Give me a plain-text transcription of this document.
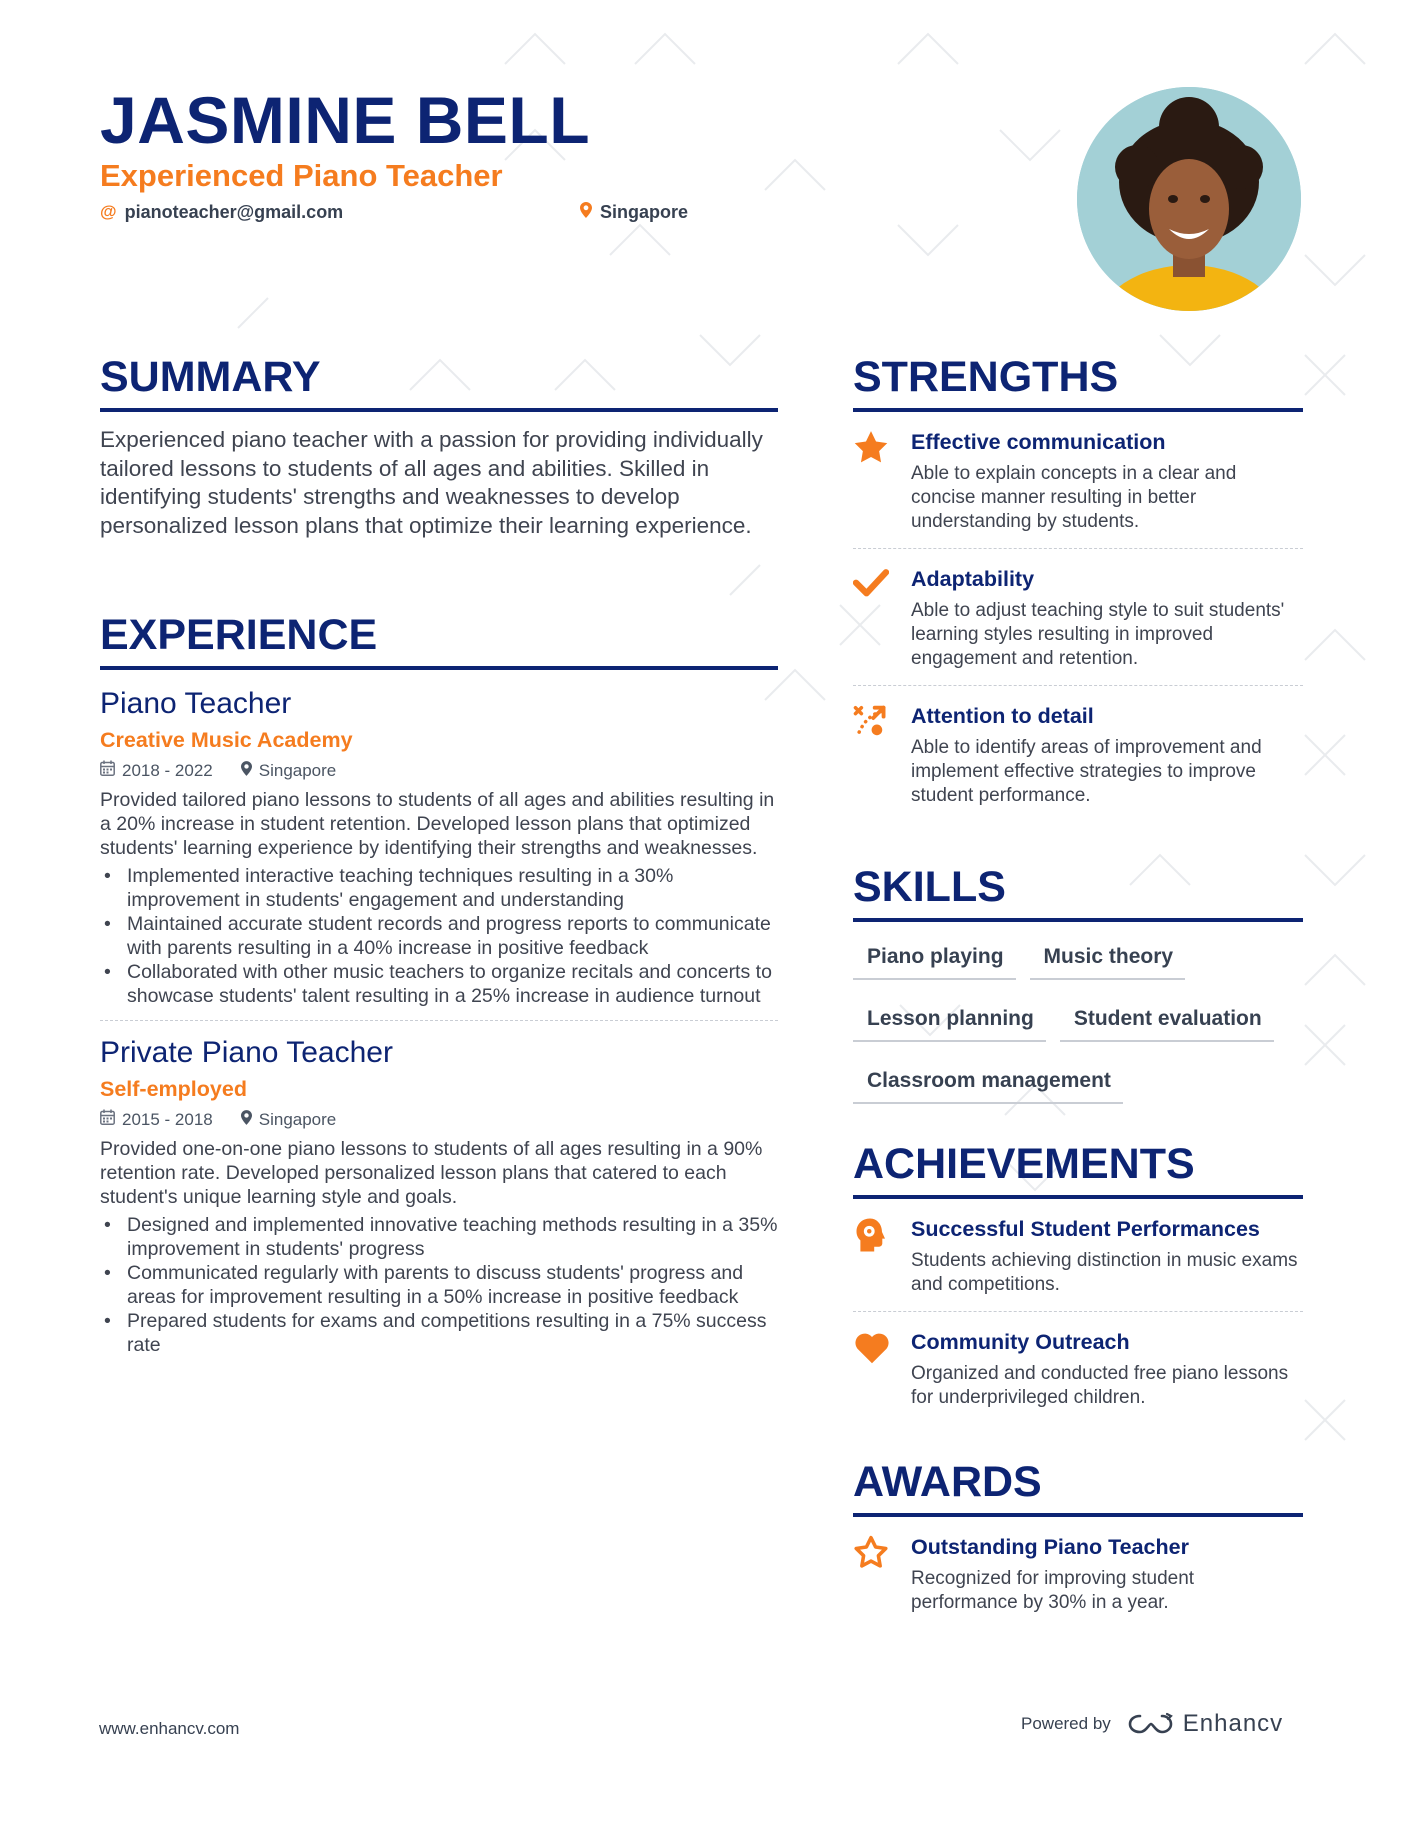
JASMINE BELL
Experienced Piano Teacher
@ pianoteacher@gmail.com	Singapore
SUMMARY

Experienced piano teacher with a passion for providing individually tailored lessons to students of all ages and abilities. Skilled in identifying students' strengths and weaknesses to develop personalized lesson plans that optimize their learning experience.

EXPERIENCE
Piano Teacher

Creative Music Academy

2018 - 2022	Singapore

Provided tailored piano lessons to students of all ages and abilities resulting in a 20% increase in student retention. Developed lesson plans that optimized students' learning experience by identifying their strengths and weaknesses.

• Implemented interactive teaching techniques resulting in a 30% improvement in students' engagement and understanding
• Maintained accurate student records and progress reports to communicate with parents resulting in a 40% increase in positive feedback
• Collaborated with other music teachers to organize recitals and concerts to showcase students' talent resulting in a 25% increase in audience turnout
Private Piano Teacher

Self-employed

2015 - 2018	Singapore

Provided one-on-one piano lessons to students of all ages resulting in a 90% retention rate. Developed personalized lesson plans that catered to each student's unique learning style and goals.

• Designed and implemented innovative teaching methods resulting in a 35% improvement in students' progress
• Communicated regularly with parents to discuss students' progress and areas for improvement resulting in a 50% increase in positive feedback
• Prepared students for exams and competitions resulting in a 75% success rate
STRENGTHS

Effective communication

Able to explain concepts in a clear and concise manner resulting in better understanding by students.

Adaptability

Able to adjust teaching style to suit students' learning styles resulting in improved engagement and retention.

Attention to detail

Able to identify areas of improvement and implement effective strategies to improve student performance.

SKILLS
Piano playing	Music theory
Lesson planning	Student evaluation
Classroom management
ACHIEVEMENTS

Successful Student Performances

Students achieving distinction in music exams and competitions.

Community Outreach

Organized and conducted free piano lessons for underprivileged children.

AWARDS

Outstanding Piano Teacher

Recognized for improving student performance by 30% in a year.

www.enhancv.com	Powered by	Enhancv
